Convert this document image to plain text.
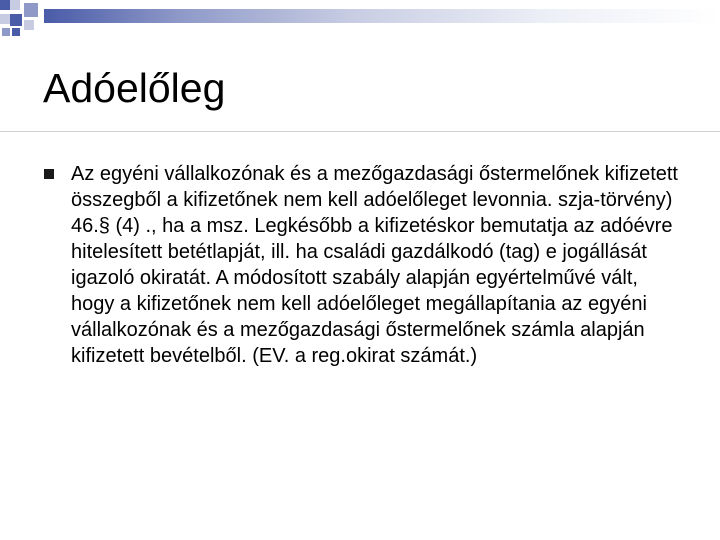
Adóelőleg

Az egyéni vállalkozónak és a mezőgazdasági őstermelőnek kifizetett összegből a kifizetőnek nem kell adóelőleget levonnia. szja-törvény) 46.§ (4) ., ha a msz. Legkésőbb a kifizetéskor bemutatja az adóévre hitelesített betétlapját, ill. ha családi gazdálkodó (tag) e jogállását igazoló okiratát. A módosított szabály alapján egyértelművé vált, hogy a kifizetőnek nem kell adóelőleget megállapítania az egyéni vállalkozónak és a mezőgazdasági őstermelőnek számla alapján kifizetett bevételből. (EV. a reg.okirat számát.)
